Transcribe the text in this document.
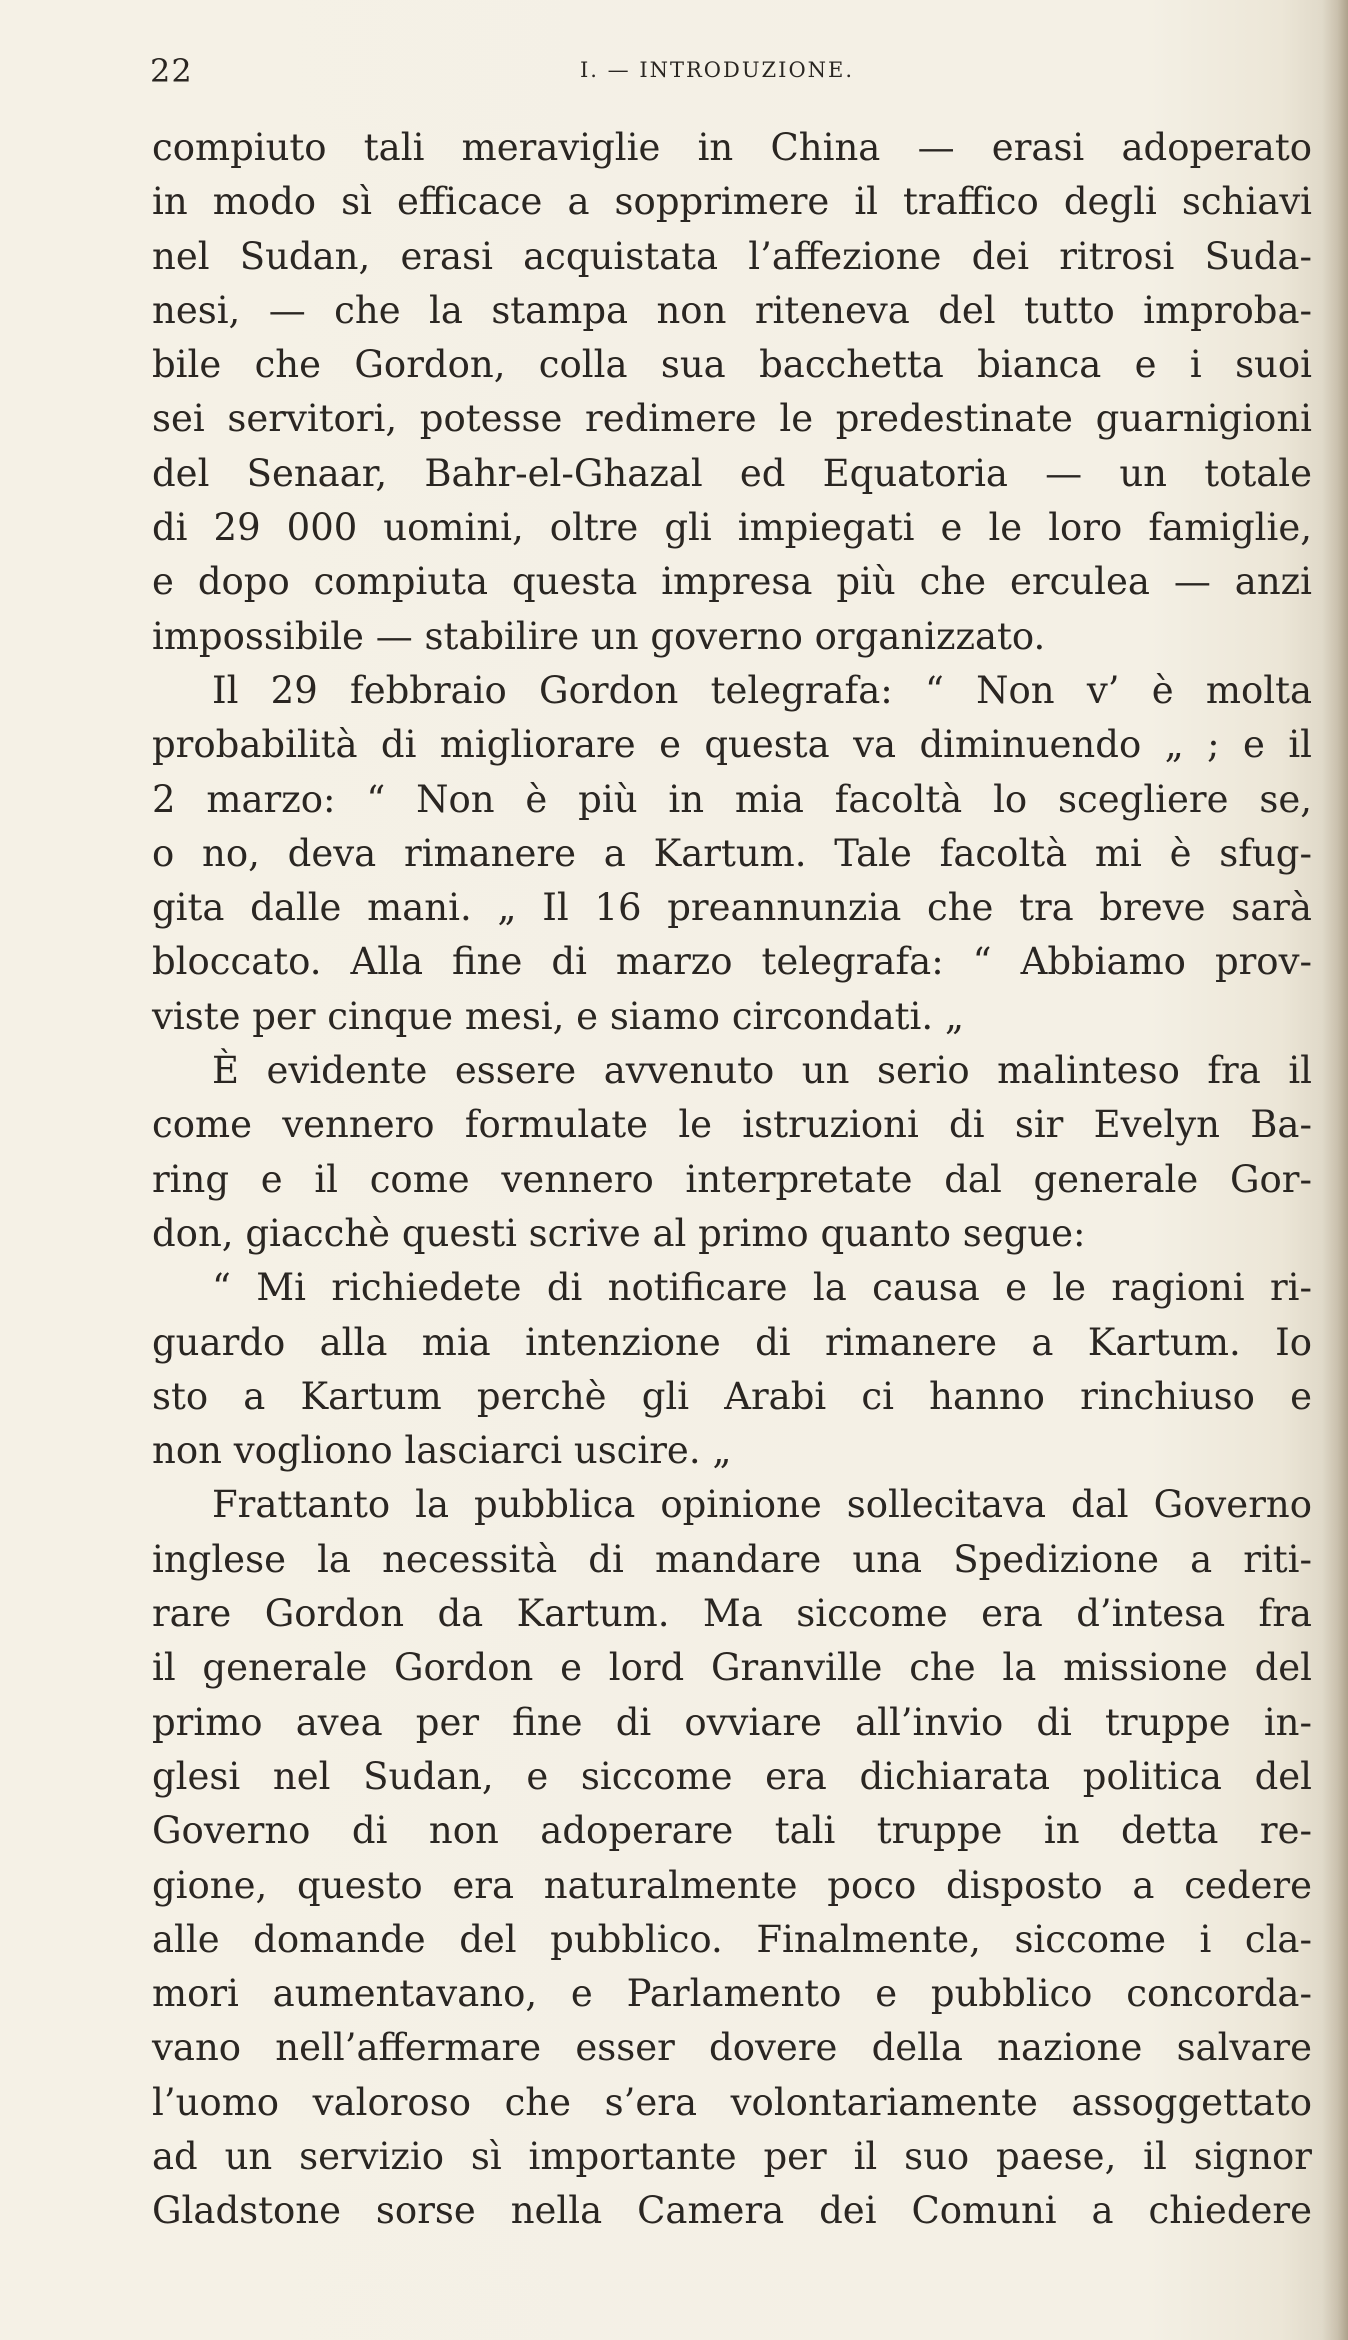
22	I. — INTRODUZIONE.
compiuto tali meraviglie in China — erasi adoperato
in modo sì efficace a sopprimere il traffico degli schiavi
nel Sudan, erasi acquistata l’affezione dei ritrosi Suda-
nesi, — che la stampa non riteneva del tutto improba-
bile che Gordon, colla sua bacchetta bianca e i suoi
sei servitori, potesse redimere le predestinate guarnigioni
del Senaar, Bahr-el-Ghazal ed Equatoria — un totale
di 29 000 uomini, oltre gli impiegati e le loro famiglie,
e dopo compiuta questa impresa più che erculea — anzi
impossibile — stabilire un governo organizzato.
Il 29 febbraio Gordon telegrafa: “ Non v’ è molta
probabilità di migliorare e questa va diminuendo „ ; e il
2 marzo: “ Non è più in mia facoltà lo scegliere se,
o no, deva rimanere a Kartum. Tale facoltà mi è sfug-
gita dalle mani. „ Il 16 preannunzia che tra breve sarà
bloccato. Alla fine di marzo telegrafa: “ Abbiamo prov-
viste per cinque mesi, e siamo circondati. „
È evidente essere avvenuto un serio malinteso fra il
come vennero formulate le istruzioni di sir Evelyn Ba-
ring e il come vennero interpretate dal generale Gor-
don, giacchè questi scrive al primo quanto segue:
“ Mi richiedete di notificare la causa e le ragioni ri-
guardo alla mia intenzione di rimanere a Kartum. Io
sto a Kartum perchè gli Arabi ci hanno rinchiuso e
non vogliono lasciarci uscire. „
Frattanto la pubblica opinione sollecitava dal Governo
inglese la necessità di mandare una Spedizione a riti-
rare Gordon da Kartum. Ma siccome era d’intesa fra
il generale Gordon e lord Granville che la missione del
primo avea per fine di ovviare all’invio di truppe in-
glesi nel Sudan, e siccome era dichiarata politica del
Governo di non adoperare tali truppe in detta re-
gione, questo era naturalmente poco disposto a cedere
alle domande del pubblico. Finalmente, siccome i cla-
mori aumentavano, e Parlamento e pubblico concorda-
vano nell’affermare esser dovere della nazione salvare
l’uomo valoroso che s’era volontariamente assoggettato
ad un servizio sì importante per il suo paese, il signor
Gladstone sorse nella Camera dei Comuni a chiedere
